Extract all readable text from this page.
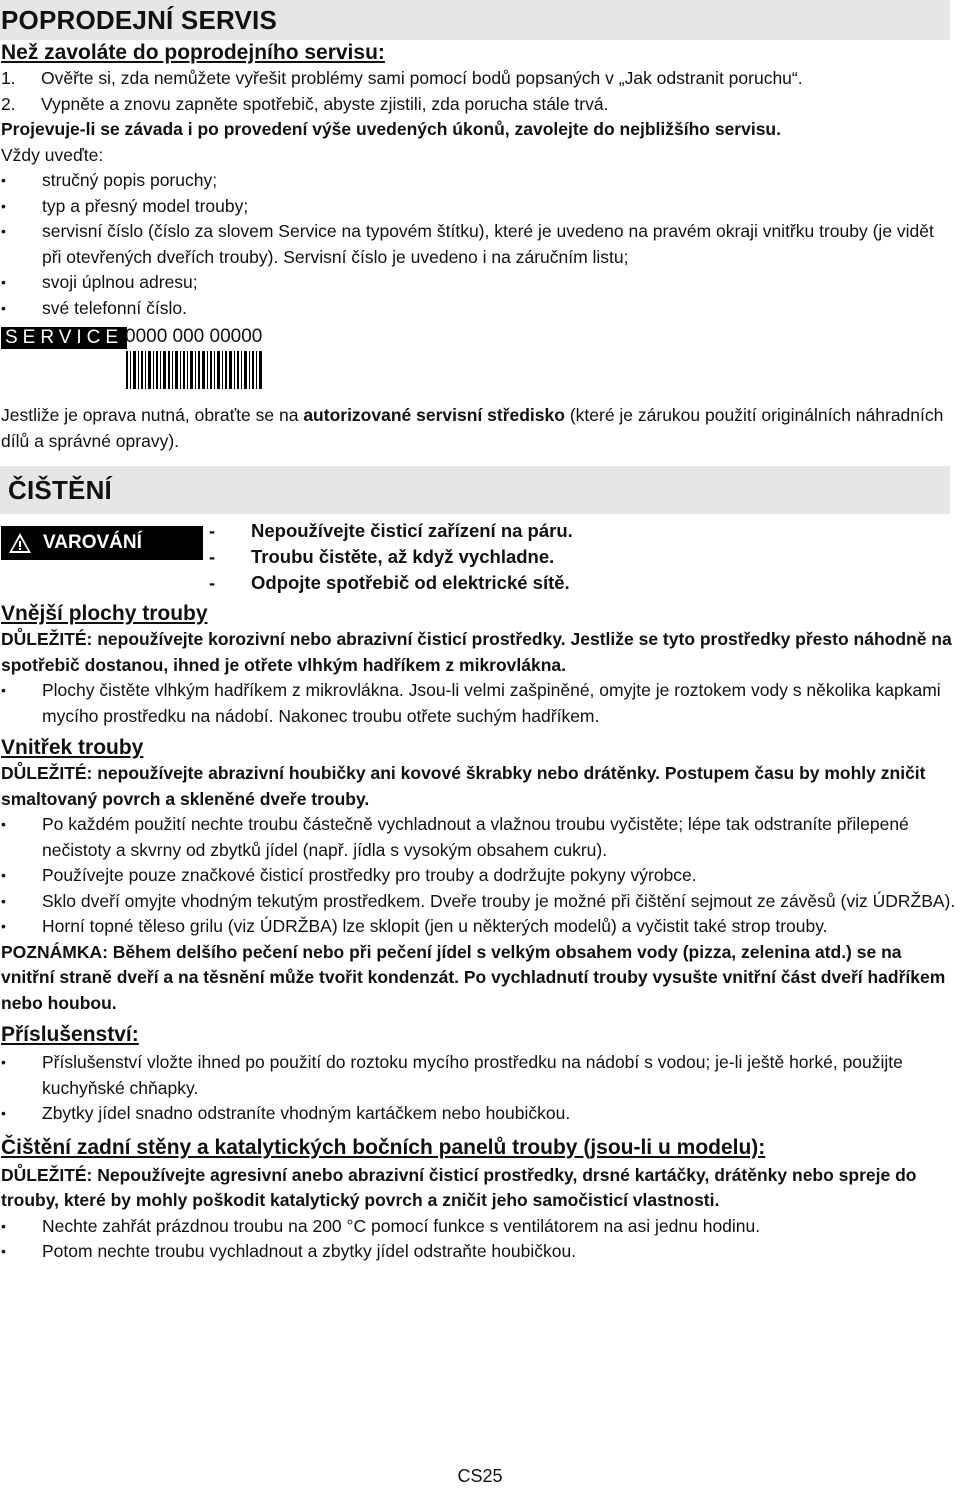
POPRODEJNÍ SERVIS
Než zavoláte do poprodejního servisu:
1.	Ověřte si, zda nemůžete vyřešit problémy sami pomocí bodů popsaných v „Jak odstranit poruchu“.
2.	Vypněte a znovu zapněte spotřebič, abyste zjistili, zda porucha stále trvá.
Projevuje-li se závada i po provedení výše uvedených úkonů, zavolejte do nejbližšího servisu.
Vždy uveďte:
•	stručný popis poruchy;
•	typ a přesný model trouby;
•	servisní číslo (číslo za slovem Service na typovém štítku), které je uvedeno na pravém okraji vnitřku trouby (je vidět při otevřených dveřích trouby). Servisní číslo je uvedeno i na záručním listu;
•	svoji úplnou adresu;
•	své telefonní číslo.
SERVICE 0000 000 00000
Jestliže je oprava nutná, obraťte se na autorizované servisní středisko (které je zárukou použití originálních náhradních dílů a správné opravy).
ČIŠTĚNÍ
VAROVÁNÍ
-	Nepoužívejte čisticí zařízení na páru.
-	Troubu čistěte, až když vychladne.
-	Odpojte spotřebič od elektrické sítě.
Vnější plochy trouby
DŮLEŽITÉ: nepoužívejte korozivní nebo abrazivní čisticí prostředky. Jestliže se tyto prostředky přesto náhodně na spotřebič dostanou, ihned je otřete vlhkým hadříkem z mikrovlákna.
•	Plochy čistěte vlhkým hadříkem z mikrovlákna. Jsou-li velmi zašpiněné, omyjte je roztokem vody s několika kapkami mycího prostředku na nádobí. Nakonec troubu otřete suchým hadříkem.
Vnitřek trouby
DŮLEŽITÉ: nepoužívejte abrazivní houbičky ani kovové škrabky nebo drátěnky. Postupem času by mohly zničit smaltovaný povrch a skleněné dveře trouby.
•	Po každém použití nechte troubu částečně vychladnout a vlažnou troubu vyčistěte; lépe tak odstraníte přilepené nečistoty a skvrny od zbytků jídel (např. jídla s vysokým obsahem cukru).
•	Používejte pouze značkové čisticí prostředky pro trouby a dodržujte pokyny výrobce.
•	Sklo dveří omyjte vhodným tekutým prostředkem. Dveře trouby je možné při čištění sejmout ze závěsů (viz ÚDRŽBA).
•	Horní topné těleso grilu (viz ÚDRŽBA) lze sklopit (jen u některých modelů) a vyčistit také strop trouby.
POZNÁMKA: Během delšího pečení nebo při pečení jídel s velkým obsahem vody (pizza, zelenina atd.) se na vnitřní straně dveří a na těsnění může tvořit kondenzát. Po vychladnutí trouby vysušte vnitřní část dveří hadříkem nebo houbou.
Příslušenství:
•	Příslušenství vložte ihned po použití do roztoku mycího prostředku na nádobí s vodou; je-li ještě horké, použijte kuchyňské chňapky.
•	Zbytky jídel snadno odstraníte vhodným kartáčkem nebo houbičkou.
Čištění zadní stěny a katalytických bočních panelů trouby (jsou-li u modelu):
DŮLEŽITÉ: Nepoužívejte agresivní anebo abrazivní čisticí prostředky, drsné kartáčky, drátěnky nebo spreje do trouby, které by mohly poškodit katalytický povrch a zničit jeho samočisticí vlastnosti.
•	Nechte zahřát prázdnou troubu na 200 °C pomocí funkce s ventilátorem na asi jednu hodinu.
•	Potom nechte troubu vychladnout a zbytky jídel odstraňte houbičkou.
CS25
